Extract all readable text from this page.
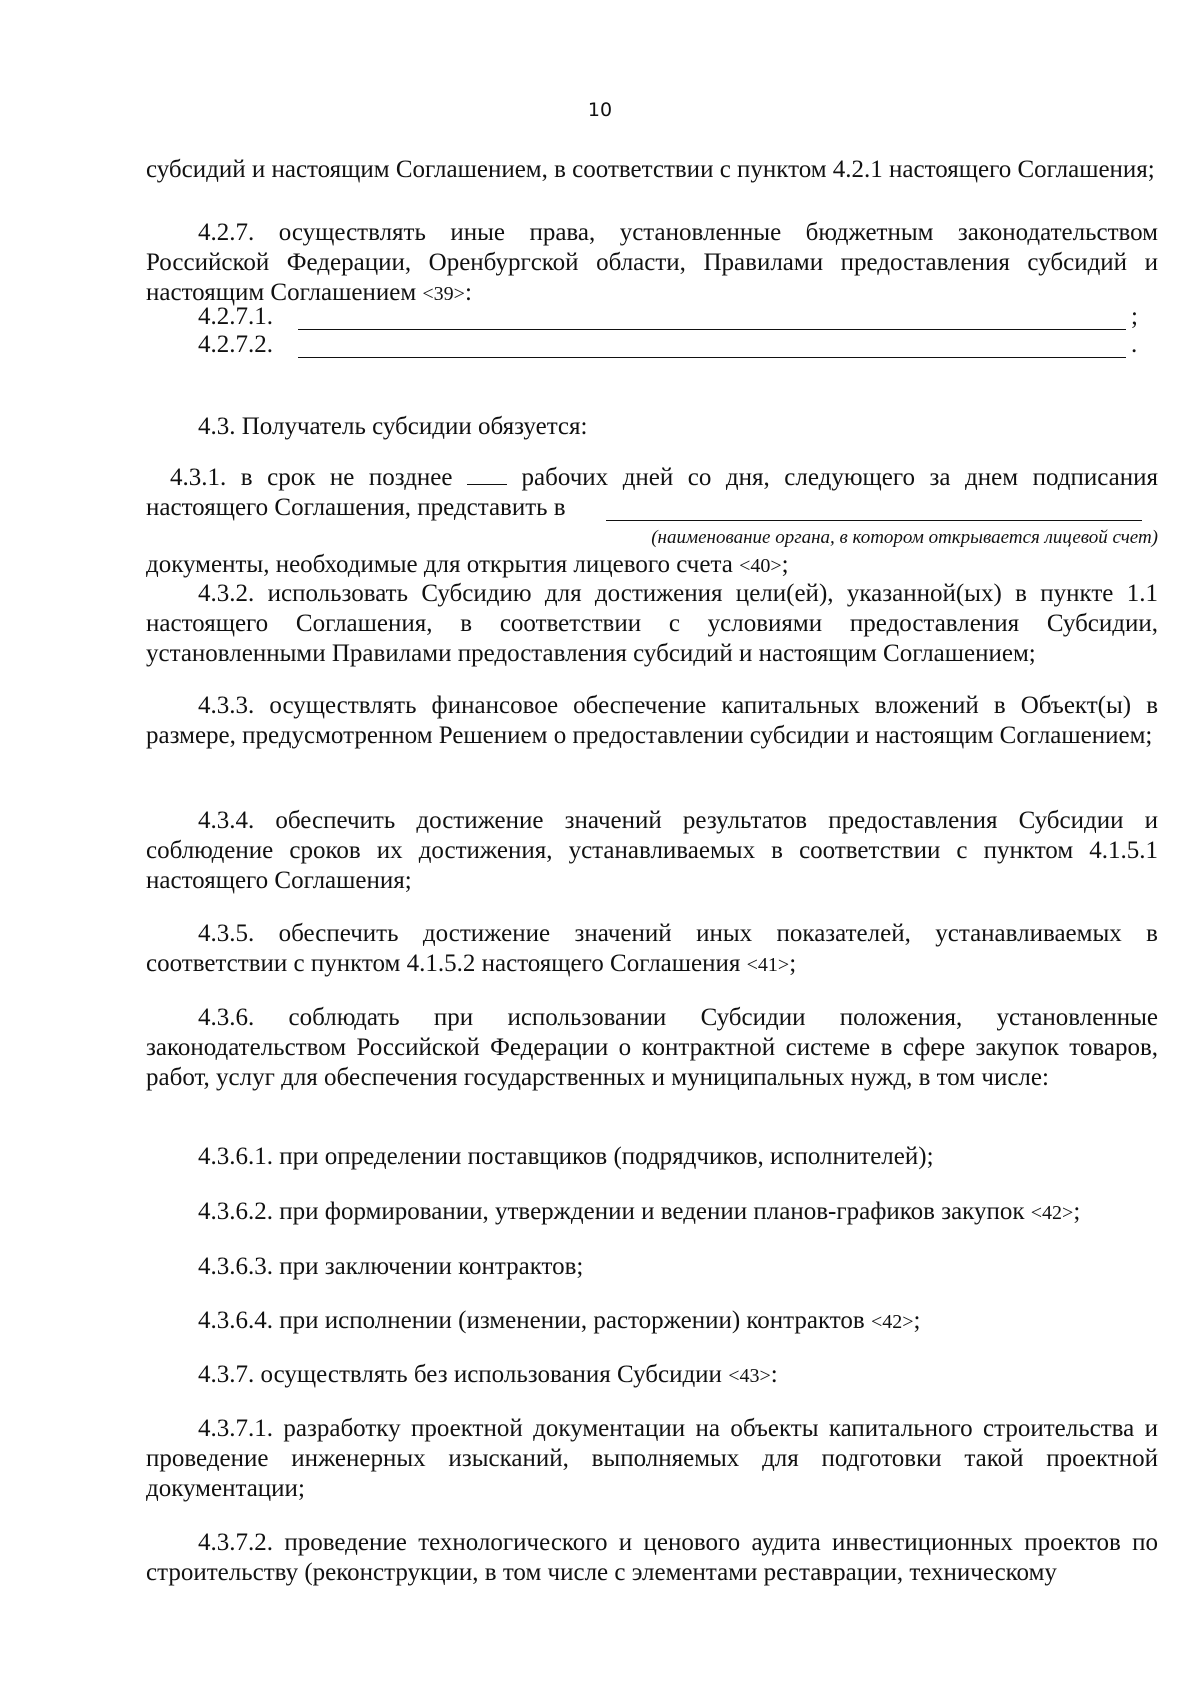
10
субсидий и настоящим Соглашением, в соответствии с пунктом 4.2.1 настоящего Соглашения;
4.2.7. осуществлять иные права, установленные бюджетным законодательством Российской Федерации, Оренбургской области, Правилами предоставления субсидий и настоящим Соглашением <39>:
4.2.7.1.	;
4.2.7.2.	.
4.3. Получатель субсидии обязуется:
4.3.1. в срок не позднее  рабочих дней со дня, следующего за днем подписания настоящего Соглашения, представить в
(наименование органа, в котором открывается лицевой счет)
документы, необходимые для открытия лицевого счета <40>;
4.3.2. использовать Субсидию для достижения цели(ей), указанной(ых) в пункте 1.1 настоящего Соглашения, в соответствии с условиями предоставления Субсидии, установленными Правилами предоставления субсидий и настоящим Соглашением;
4.3.3. осуществлять финансовое обеспечение капитальных вложений в Объект(ы) в размере, предусмотренном Решением о предоставлении субсидии и настоящим Соглашением;
4.3.4. обеспечить достижение значений результатов предоставления Субсидии и соблюдение сроков их достижения, устанавливаемых в соответствии с пунктом 4.1.5.1 настоящего Соглашения;
4.3.5. обеспечить достижение значений иных показателей, устанавливаемых в соответствии с пунктом 4.1.5.2 настоящего Соглашения <41>;
4.3.6. соблюдать при использовании Субсидии положения, установленные законодательством Российской Федерации о контрактной системе в сфере закупок товаров, работ, услуг для обеспечения государственных и муниципальных нужд, в том числе:
4.3.6.1. при определении поставщиков (подрядчиков, исполнителей);
4.3.6.2. при формировании, утверждении и ведении планов-графиков закупок <42>;
4.3.6.3. при заключении контрактов;
4.3.6.4. при исполнении (изменении, расторжении) контрактов <42>;
4.3.7. осуществлять без использования Субсидии <43>:
4.3.7.1. разработку проектной документации на объекты капитального строительства и проведение инженерных изысканий, выполняемых для подготовки такой проектной документации;
4.3.7.2. проведение технологического и ценового аудита инвестиционных проектов по строительству (реконструкции, в том числе с элементами реставрации, техническому
